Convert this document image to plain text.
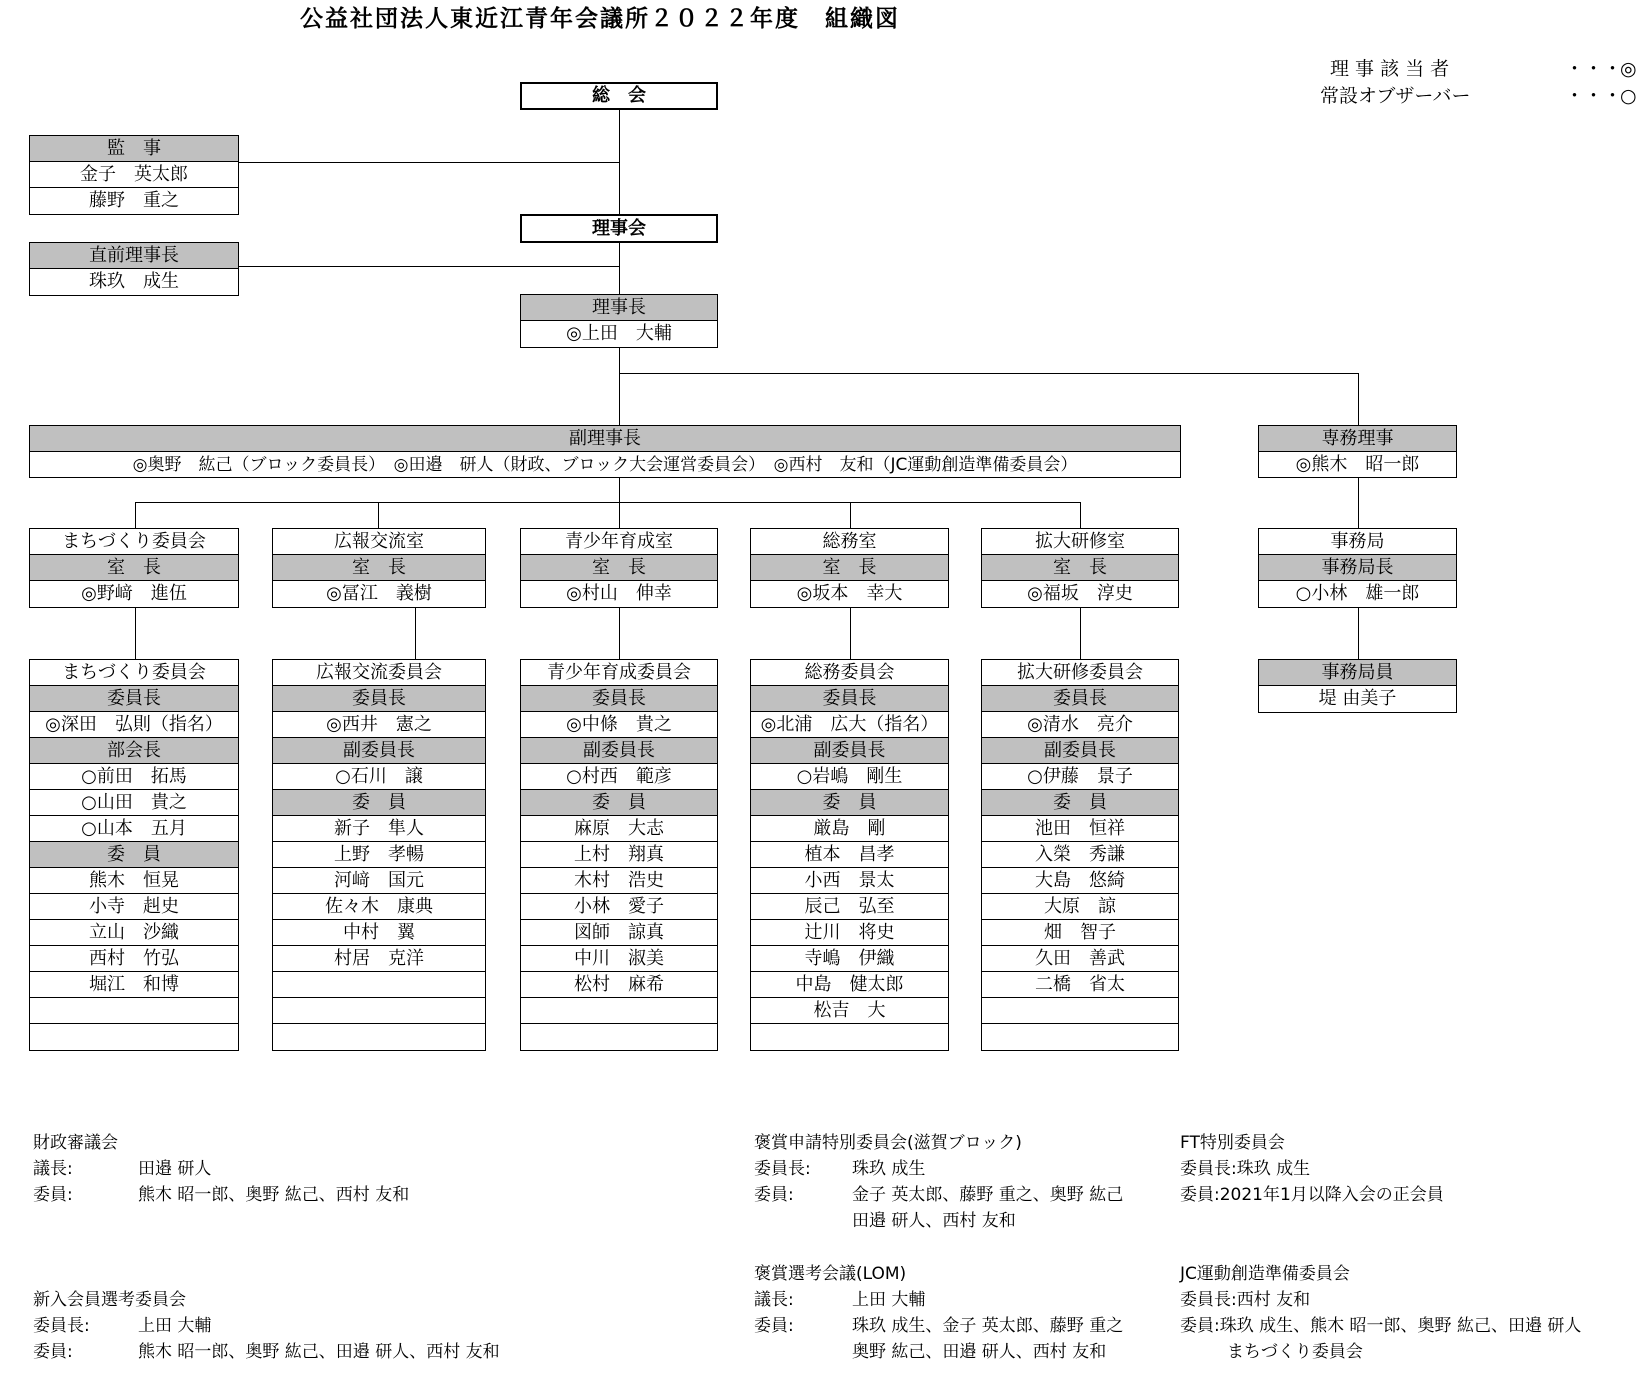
公益社団法人東近江青年会議所２０２２年度　組織図
理 事 該 当 者	・・・
◎
常設オブザーバー	・・・
○
総　会
監　事
金子　英太郎
藤野　重之
理事会
直前理事長
珠玖　成生
理事長
◎上田　大輔
副理事長
◎奥野　紘己（ブロック委員長）　◎田邉　研人（財政、ブロック大会運営委員会）　◎西村　友和（JC運動創造準備委員会）
専務理事
◎熊木　昭一郎
まちづくり委員会
室　長
◎野﨑　進伍
広報交流室
室　長
◎冨江　義樹
青少年育成室
室　長
◎村山　伸幸
総務室
室　長
◎坂本　幸大
拡大研修室
室　長
◎福坂　淳史
事務局
事務局長
○小林　雄一郎
事務局員
堤 由美子
まちづくり委員会
委員長
◎深田　弘則（指名）
部会長
○前田　拓馬
○山田　貴之
○山本　五月
委　員
熊木　恒晃
小寺　赳史
立山　沙織
西村　竹弘
堀江　和博

広報交流委員会
委員長
◎西井　憲之
副委員長
○石川　譲
委　員
新子　隼人
上野　孝暢
河﨑　国元
佐々木　康典
中村　翼
村居　克洋

青少年育成委員会
委員長
◎中條　貴之
副委員長
○村西　範彦
委　員
麻原　大志
上村　翔真
木村　浩史
小林　愛子
図師　諒真
中川　淑美
松村　麻希

総務委員会
委員長
◎北浦　広大（指名）
副委員長
○岩嶋　剛生
委　員
厳島　剛
植本　昌孝
小西　景太
辰己　弘至
辻川　将史
寺嶋　伊織
中島　健太郎
松吉　大

拡大研修委員会
委員長
◎清水　亮介
副委員長
○伊藤　景子
委　員
池田　恒祥
入榮　秀謙
大島　悠綺
大原　諒
畑　智子
久田　善武
二橋　省太

財政審議会
議長:	田邉 研人
委員:	熊木 昭一郎、奥野 紘己、西村 友和
新入会員選考委員会
委員長:	上田 大輔
委員:	熊木 昭一郎、奥野 紘己、田邉 研人、西村 友和
褒賞申請特別委員会(滋賀ブロック)
委員長: 珠玖 成生
委員:	金子 英太郎、藤野 重之、奥野 紘己
田邉 研人、西村 友和
褒賞選考会議(LOM)
議長:	上田 大輔
委員:	珠玖 成生、金子 英太郎、藤野 重之
奥野 紘己、田邉 研人、西村 友和
FT特別委員会
委員長:珠玖 成生
委員:2021年1月以降入会の正会員
JC運動創造準備委員会
委員長:西村 友和
委員:珠玖 成生、熊木 昭一郎、奥野 紘己、田邉 研人
まちづくり委員会
